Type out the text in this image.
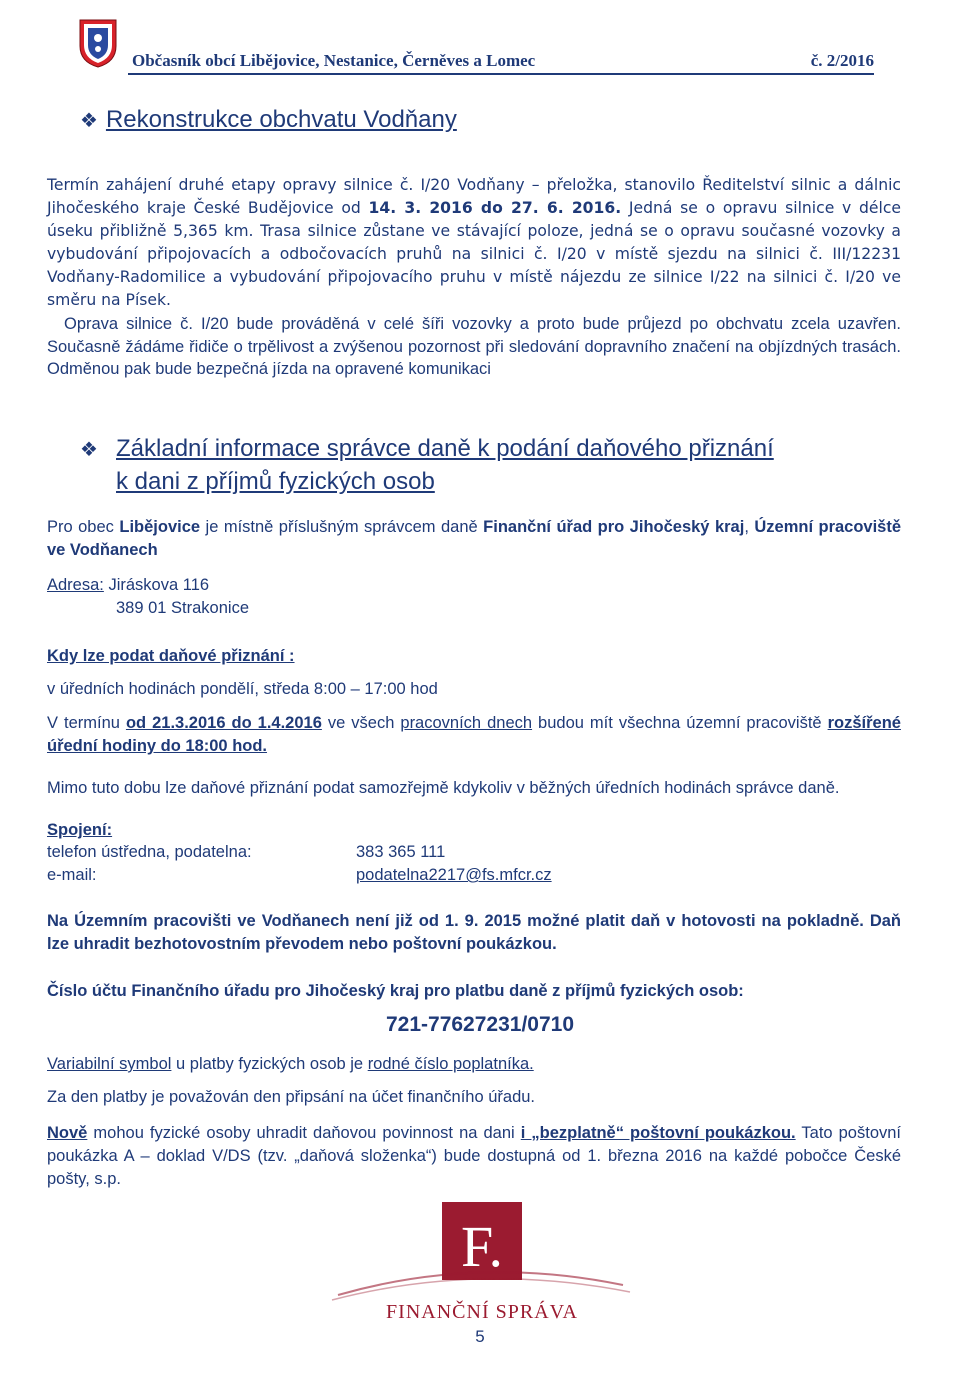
Občasník obcí Libějovice, Nestanice, Černěves a Lomec	č. 2/2016
❖ Rekonstrukce obchvatu Vodňany
Termín zahájení druhé etapy opravy silnice č. I/20 Vodňany – přeložka, stanovilo Ředitelství silnic a dálnic Jihočeského kraje České Budějovice od 14. 3. 2016 do 27. 6. 2016. Jedná se o opravu silnice v délce úseku přibližně 5,365 km. Trasa silnice zůstane ve stávající poloze, jedná se o opravu současné vozovky a vybudování připojovacích a odbočovacích pruhů na silnici č. I/20 v místě sjezdu na silnici č. III/12231 Vodňany-Radomilice a vybudování připojovacího pruhu v místě nájezdu ze silnice I/22 na silnici č. I/20 ve směru na Písek.
Oprava silnice č. I/20 bude prováděná v celé šíři vozovky a proto bude průjezd po obchvatu zcela uzavřen. Současně žádáme řidiče o trpělivost a zvýšenou pozornost při sledování dopravního značení na objízdných trasách. Odměnou pak bude bezpečná jízda na opravené komunikaci
❖ Základní informace správce daně k podání daňového přiznání
k dani z příjmů fyzických osob
Pro obec Libějovice je místně příslušným správcem daně Finanční úřad pro Jihočeský kraj, Územní pracoviště ve Vodňanech
Adresa: Jiráskova 116
389 01 Strakonice
Kdy lze podat daňové přiznání :
v úředních hodinách pondělí, středa 8:00 – 17:00 hod
V termínu od 21.3.2016 do 1.4.2016 ve všech pracovních dnech budou mít všechna územní pracoviště rozšířené úřední hodiny do 18:00 hod.
Mimo tuto dobu lze daňové přiznání podat samozřejmě kdykoliv v běžných úředních hodinách správce daně.
Spojení:
telefon ústředna, podatelna:	383 365 111
e-mail:	podatelna2217@fs.mfcr.cz
Na Územním pracovišti ve Vodňanech není již od 1. 9. 2015 možné platit daň v hotovosti na pokladně. Daň lze uhradit bezhotovostním převodem nebo poštovní poukázkou.
Číslo účtu Finančního úřadu pro Jihočeský kraj pro platbu daně z příjmů fyzických osob:
721-77627231/0710
Variabilní symbol u platby fyzických osob je rodné číslo poplatníka.
Za den platby je považován den připsání na účet finančního úřadu.
Nově mohou fyzické osoby uhradit daňovou povinnost na dani i „bezplatně“ poštovní poukázkou. Tato poštovní poukázka A – doklad V/DS (tzv. „daňová složenka“) bude dostupná od 1. března 2016 na každé pobočce České pošty, s.p.
F.
FINANČNÍ SPRÁVA
5
